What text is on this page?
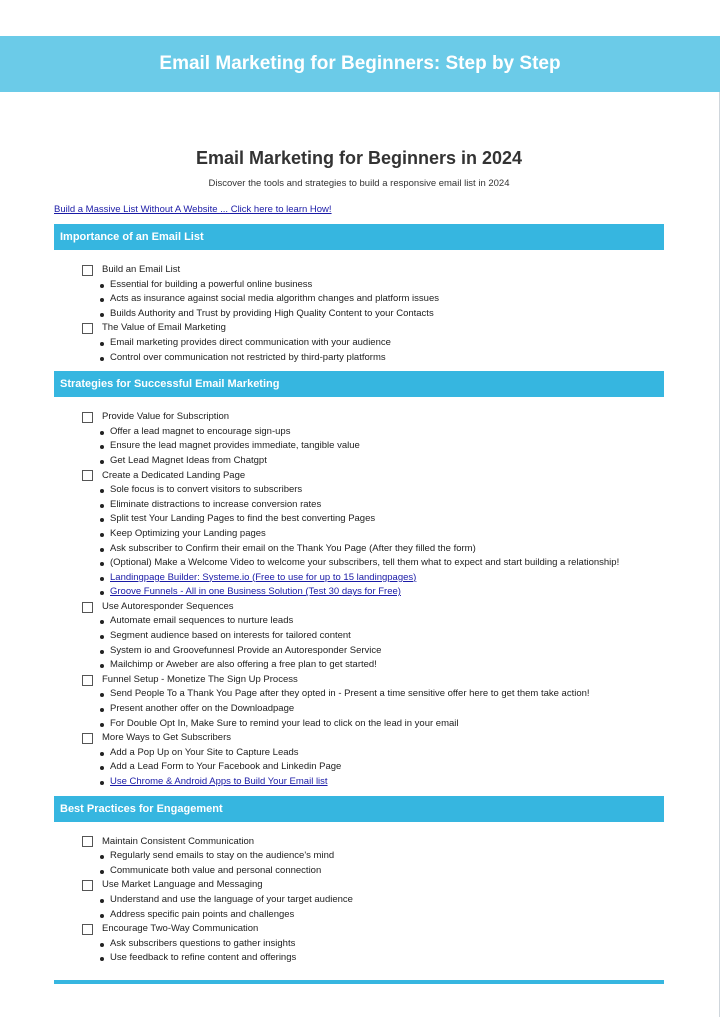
Email Marketing for Beginners: Step by Step
Email Marketing for Beginners in 2024
Discover the tools and strategies to build a responsive email list in 2024
Build a Massive List Without A Website ... Click here to learn How!
Importance of an Email List
Build an Email List
Essential for building a powerful online business
Acts as insurance against social media algorithm changes and platform issues
Builds Authority and Trust by providing High Quality Content to your Contacts
The Value of Email Marketing
Email marketing provides direct communication with your audience
Control over communication not restricted by third-party platforms
Strategies for Successful Email Marketing
Provide Value for Subscription
Offer a lead magnet to encourage sign-ups
Ensure the lead magnet provides immediate, tangible value
Get Lead Magnet Ideas from Chatgpt
Create a Dedicated Landing Page
Sole focus is to convert visitors to subscribers
Eliminate distractions to increase conversion rates
Split test Your Landing Pages to find the best converting Pages
Keep Optimizing your Landing pages
Ask subscriber to Confirm their email on the Thank You Page (After they filled the form)
(Optional) Make a Welcome Video to welcome your subscribers, tell them what to expect and start building a relationship!
Landingpage Builder: Systeme.io (Free to use for up to 15 landingpages)
Groove Funnels - All in one Business Solution (Test 30 days for Free)
Use Autoresponder Sequences
Automate email sequences to nurture leads
Segment audience based on interests for tailored content
System io and Groovefunnesl Provide an Autoresponder Service
Mailchimp or Aweber are also offering a free plan to get started!
Funnel Setup - Monetize The Sign Up Process
Send People To a Thank You Page after they opted in - Present a time sensitive offer here to get them take action!
Present another offer on the Downloadpage
For Double Opt In, Make Sure to remind your lead to click on the lead in your email
More Ways to Get Subscribers
Add a Pop Up on Your Site to Capture Leads
Add a Lead Form to Your Facebook and Linkedin Page
Use Chrome & Android Apps to Build Your Email list
Best Practices for Engagement
Maintain Consistent Communication
Regularly send emails to stay on the audience's mind
Communicate both value and personal connection
Use Market Language and Messaging
Understand and use the language of your target audience
Address specific pain points and challenges
Encourage Two-Way Communication
Ask subscribers questions to gather insights
Use feedback to refine content and offerings
